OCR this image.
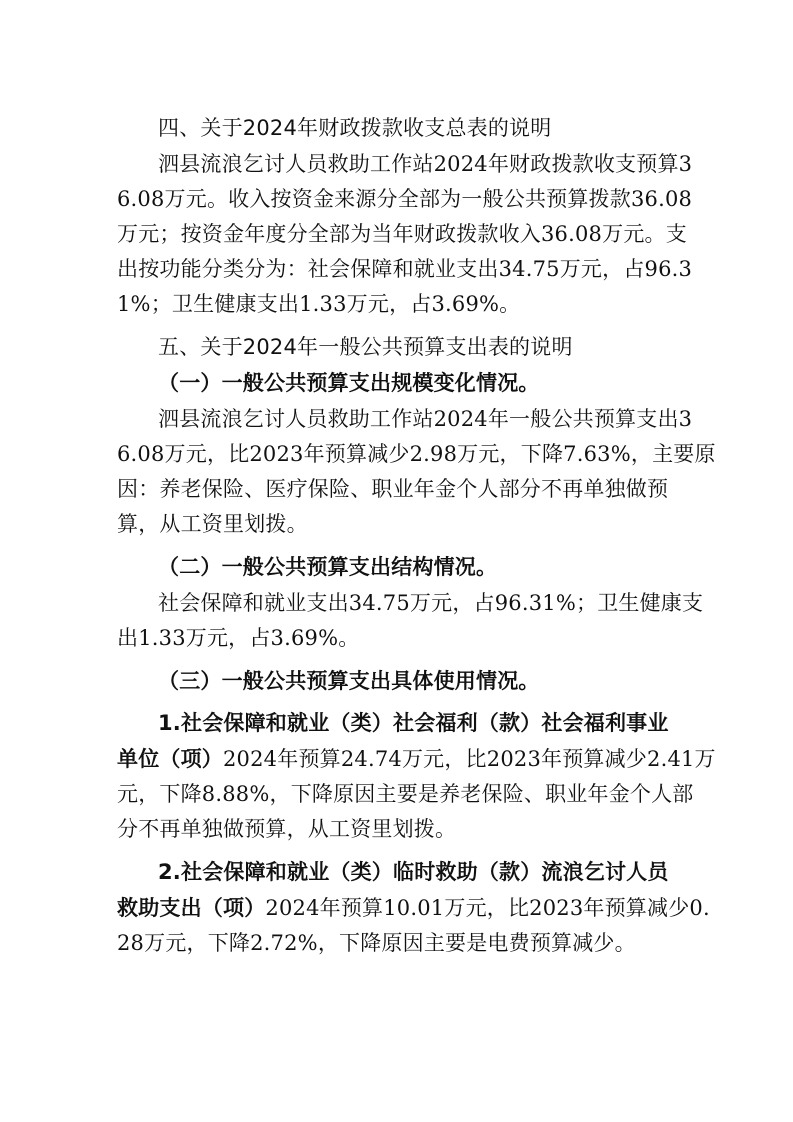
四、关于2024年财政拨款收支总表的说明

泗县流浪乞讨人员救助工作站2024年财政拨款收支预算3

6.08万元。收入按资金来源分全部为一般公共预算拨款36.08

万元；按资金年度分全部为当年财政拨款收入36.08万元。支

出按功能分类分为：社会保障和就业支出34.75万元，占96.3

1%；卫生健康支出1.33万元，占3.69%。

五、关于2024年一般公共预算支出表的说明

（一）一般公共预算支出规模变化情况。

泗县流浪乞讨人员救助工作站2024年一般公共预算支出3

6.08万元，比2023年预算减少2.98万元，下降7.63%，主要原

因：养老保险、医疗保险、职业年金个人部分不再单独做预

算，从工资里划拨。

（二）一般公共预算支出结构情况。

社会保障和就业支出34.75万元，占96.31%；卫生健康支

出1.33万元，占3.69%。

（三）一般公共预算支出具体使用情况。

1.社会保障和就业（类）社会福利（款）社会福利事业

单位（项）2024年预算24.74万元，比2023年预算减少2.41万

元，下降8.88%，下降原因主要是养老保险、职业年金个人部

分不再单独做预算，从工资里划拨。

2.社会保障和就业（类）临时救助（款）流浪乞讨人员

救助支出（项）2024年预算10.01万元，比2023年预算减少0.

28万元，下降2.72%，下降原因主要是电费预算减少。
